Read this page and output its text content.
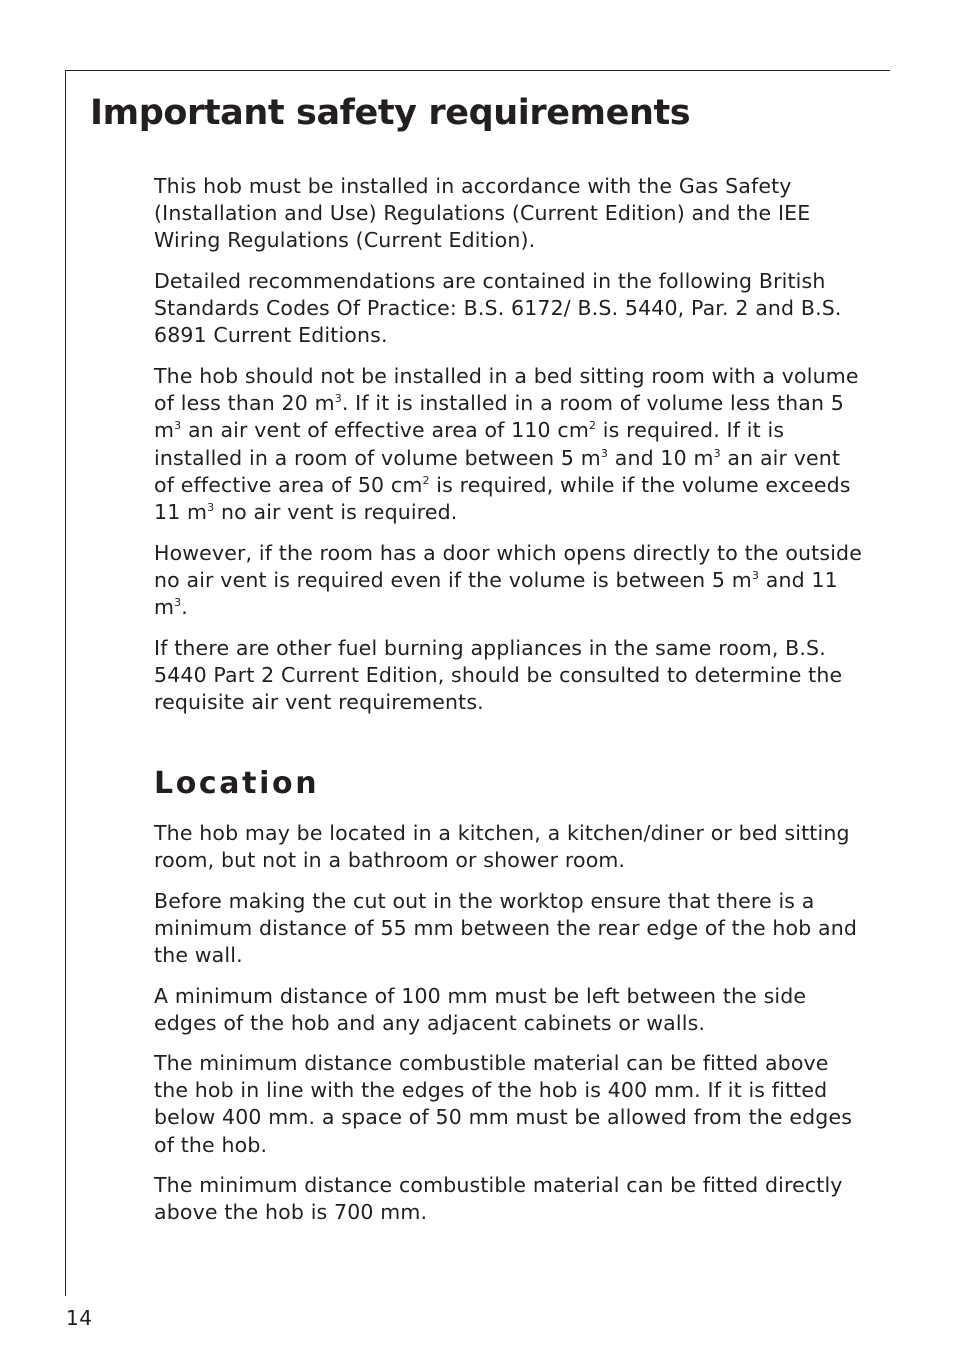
Important safety requirements

This hob must be installed in accordance with the Gas Safety (Installation and Use) Regulations (Current Edition) and the IEE Wiring Regulations (Current Edition).

Detailed recommendations are contained in the following British Standards Codes Of Practice: B.S. 6172/ B.S. 5440, Par. 2 and B.S. 6891 Current Editions.

The hob should not be installed in a bed sitting room with a volume of less than 20 $m^3$. If it is installed in a room of volume less than 5 $m^3$ an air vent of effective area of 110 $cm^2$ is required. If it is installed in a room of volume between 5 $m^3$ and 10 $m^3$ an air vent of effective area of 50 $cm^2$ is required, while if the volume exceeds 11 $m^3$ no air vent is required.

However, if the room has a door which opens directly to the outside no air vent is required even if the volume is between 5 $m^3$ and 11 $m^3$.

If there are other fuel burning appliances in the same room, B.S. 5440 Part 2 Current Edition, should be consulted to determine the requisite air vent requirements.

Location

The hob may be located in a kitchen, a kitchen/diner or bed sitting room, but not in a bathroom or shower room.

Before making the cut out in the worktop ensure that there is a minimum distance of 55 mm between the rear edge of the hob and the wall.

A minimum distance of 100 mm must be left between the side edges of the hob and any adjacent cabinets or walls.

The minimum distance combustible material can be fitted above the hob in line with the edges of the hob is 400 mm. If it is fitted below 400 mm. a space of 50 mm must be allowed from the edges of the hob.

The minimum distance combustible material can be fitted directly above the hob is 700 mm.

14
